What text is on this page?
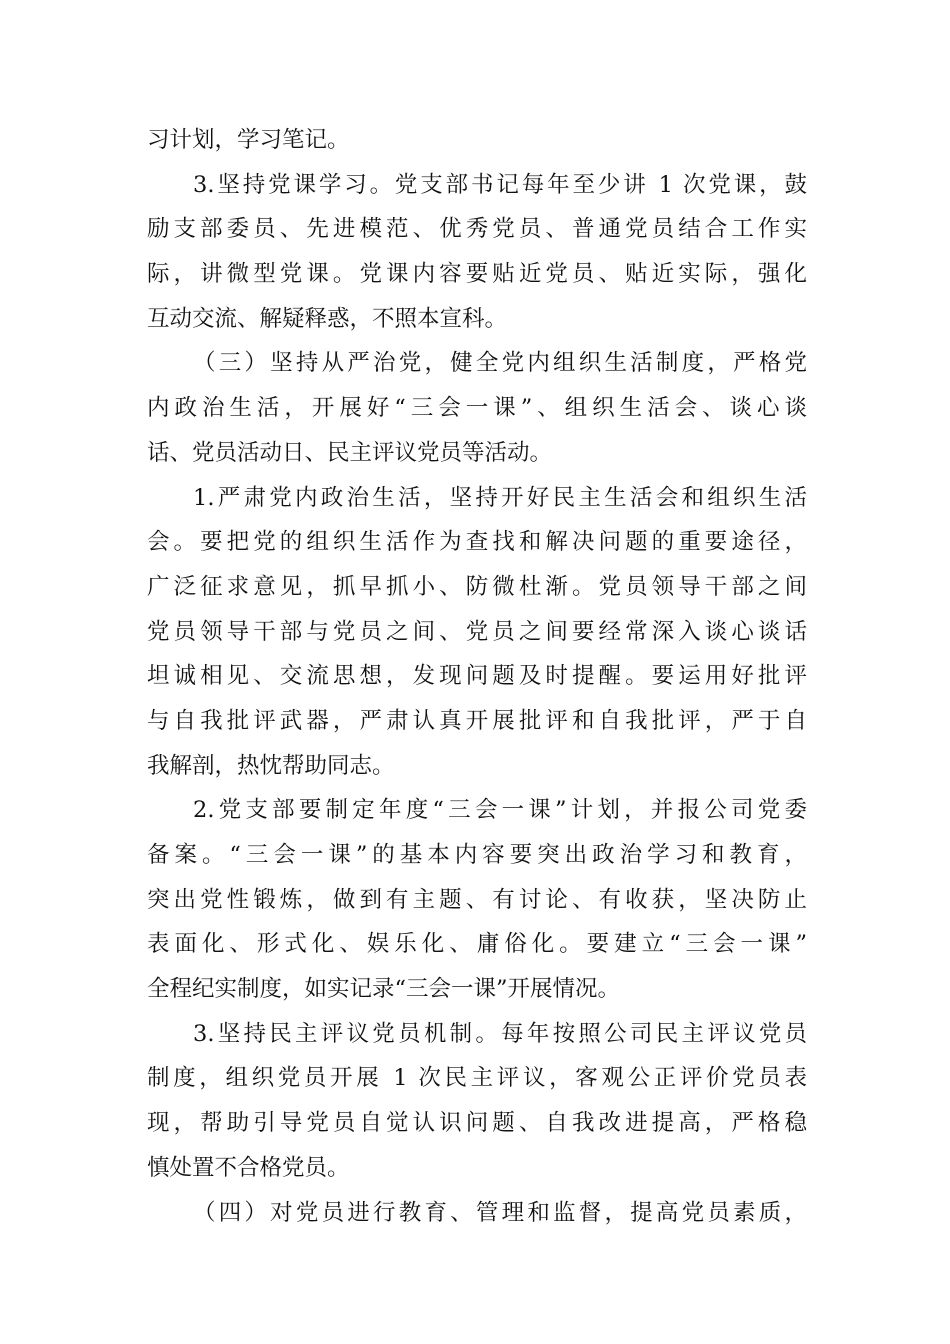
习计划，学习笔记。
3.坚持党课学习。党支部书记每年至少讲 1 次党课，鼓
励支部委员、先进模范、优秀党员、普通党员结合工作实
际，讲微型党课。党课内容要贴近党员、贴近实际，强化
互动交流、解疑释惑，不照本宣科。
（三）坚持从严治党，健全党内组织生活制度，严格党
内政治生活，开展好“三会一课”、组织生活会、谈心谈
话、党员活动日、民主评议党员等活动。
1.严肃党内政治生活，坚持开好民主生活会和组织生活
会。要把党的组织生活作为查找和解决问题的重要途径，
广泛征求意见，抓早抓小、防微杜渐。党员领导干部之间
党员领导干部与党员之间、党员之间要经常深入谈心谈话
坦诚相见、交流思想，发现问题及时提醒。要运用好批评
与自我批评武器，严肃认真开展批评和自我批评，严于自
我解剖，热忱帮助同志。
2.党支部要制定年度“三会一课”计划，并报公司党委
备案。“三会一课”的基本内容要突出政治学习和教育，
突出党性锻炼，做到有主题、有讨论、有收获，坚决防止
表面化、形式化、娱乐化、庸俗化。要建立“三会一课”
全程纪实制度，如实记录“三会一课”开展情况。
3.坚持民主评议党员机制。每年按照公司民主评议党员
制度，组织党员开展 1 次民主评议，客观公正评价党员表
现，帮助引导党员自觉认识问题、自我改进提高，严格稳
慎处置不合格党员。
（四）对党员进行教育、管理和监督，提高党员素质，
